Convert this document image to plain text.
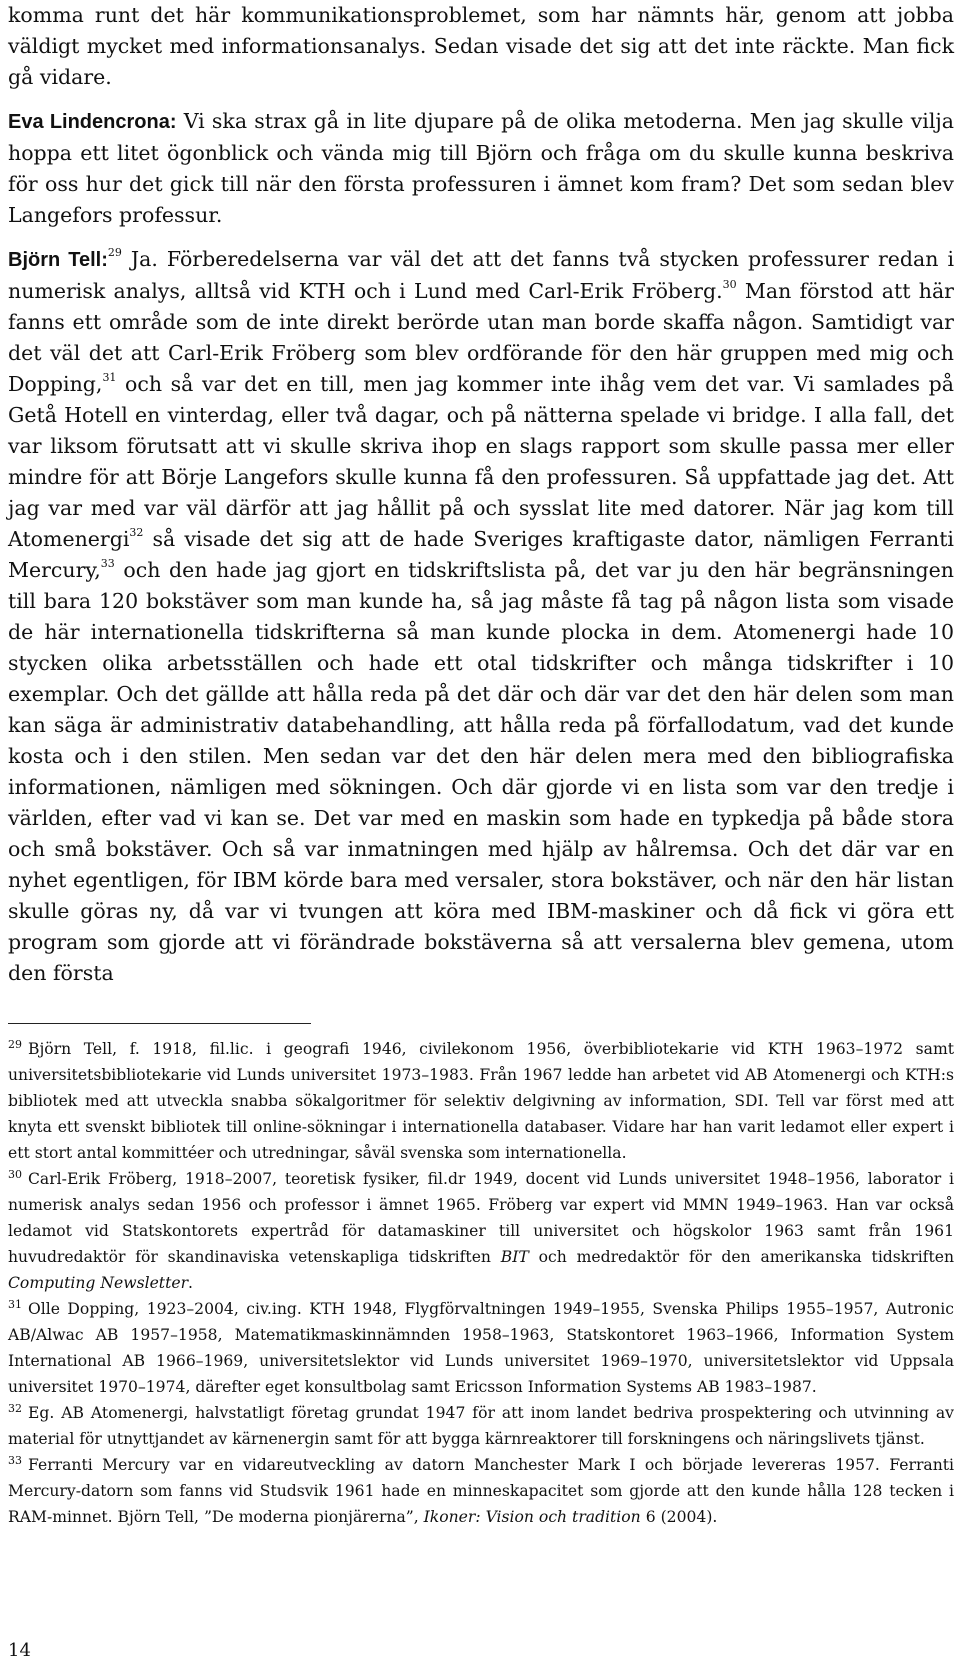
komma runt det här kommunikationsproblemet, som har nämnts här, genom att jobba väldigt mycket med informationsanalys. Sedan visade det sig att det inte räckte. Man fick gå vidare.

Eva Lindencrona: Vi ska strax gå in lite djupare på de olika metoderna. Men jag skulle vilja hoppa ett litet ögonblick och vända mig till Björn och fråga om du skulle kunna beskriva för oss hur det gick till när den första professuren i ämnet kom fram? Det som sedan blev Langefors professur.

Björn Tell:$^{29}$ Ja. Förberedelserna var väl det att det fanns två stycken professurer redan i numerisk analys, alltså vid KTH och i Lund med Carl-Erik Fröberg.$^{30}$ Man förstod att här fanns ett område som de inte direkt berörde utan man borde skaffa någon. Samtidigt var det väl det att Carl-Erik Fröberg som blev ordförande för den här gruppen med mig och Dopping,$^{31}$ och så var det en till, men jag kommer inte ihåg vem det var. Vi samlades på Getå Hotell en vinterdag, eller två dagar, och på nätterna spelade vi bridge. I alla fall, det var liksom förutsatt att vi skulle skriva ihop en slags rapport som skulle passa mer eller mindre för att Börje Langefors skulle kunna få den professuren. Så uppfattade jag det. Att jag var med var väl därför att jag hållit på och sysslat lite med datorer. När jag kom till Atomenergi$^{32}$ så visade det sig att de hade Sveriges kraftigaste dator, nämligen Ferranti Mercury,$^{33}$ och den hade jag gjort en tidskriftslista på, det var ju den här begränsningen till bara 120 bokstäver som man kunde ha, så jag måste få tag på någon lista som visade de här internationella tidskrifterna så man kunde plocka in dem. Atomenergi hade 10 stycken olika arbetsställen och hade ett otal tidskrifter och många tidskrifter i 10 exemplar. Och det gällde att hålla reda på det där och där var det den här delen som man kan säga är administrativ databehandling, att hålla reda på förfallodatum, vad det kunde kosta och i den stilen. Men sedan var det den här delen mera med den bibliografiska informationen, nämligen med sökningen. Och där gjorde vi en lista som var den tredje i världen, efter vad vi kan se. Det var med en maskin som hade en typkedja på både stora och små bokstäver. Och så var inmatningen med hjälp av hålremsa. Och det där var en nyhet egentligen, för IBM körde bara med versaler, stora bokstäver, och när den här listan skulle göras ny, då var vi tvungen att köra med IBM-maskiner och då fick vi göra ett program som gjorde att vi förändrade bokstäverna så att versalerna blev gemena, utom den första

$^{29}$ Björn Tell, f. 1918, fil.lic. i geografi 1946, civilekonom 1956, överbibliotekarie vid KTH 1963–1972 samt universitetsbibliotekarie vid Lunds universitet 1973–1983. Från 1967 ledde han arbetet vid AB Atomenergi och KTH:s bibliotek med att utveckla snabba sökalgoritmer för selektiv delgivning av information, SDI. Tell var först med att knyta ett svenskt bibliotek till online-sökningar i internationella databaser. Vidare har han varit ledamot eller expert i ett stort antal kommittéer och utredningar, såväl svenska som internationella.

$^{30}$ Carl-Erik Fröberg, 1918–2007, teoretisk fysiker, fil.dr 1949, docent vid Lunds universitet 1948–1956, laborator i numerisk analys sedan 1956 och professor i ämnet 1965. Fröberg var expert vid MMN 1949–1963. Han var också ledamot vid Statskontorets expertråd för datamaskiner till universitet och högskolor 1963 samt från 1961 huvudredaktör för skandinaviska vetenskapliga tidskriften BIT och medredaktör för den amerikanska tidskriften Computing Newsletter.

$^{31}$ Olle Dopping, 1923–2004, civ.ing. KTH 1948, Flygförvaltningen 1949–1955, Svenska Philips 1955–1957, Autronic AB/Alwac AB 1957–1958, Matematikmaskinnämnden 1958–1963, Statskontoret 1963–1966, Information System International AB 1966–1969, universitetslektor vid Lunds universitet 1969–1970, universitetslektor vid Uppsala universitet 1970–1974, därefter eget konsultbolag samt Ericsson Information Systems AB 1983–1987.

$^{32}$ Eg. AB Atomenergi, halvstatligt företag grundat 1947 för att inom landet bedriva prospektering och utvinning av material för utnyttjandet av kärnenergin samt för att bygga kärnreaktorer till forskningens och näringslivets tjänst.

$^{33}$ Ferranti Mercury var en vidareutveckling av datorn Manchester Mark I och började levereras 1957. Ferranti Mercury-datorn som fanns vid Studsvik 1961 hade en minneskapacitet som gjorde att den kunde hålla 128 tecken i RAM-minnet. Björn Tell, ”De moderna pionjärerna”, Ikoner: Vision och tradition 6 (2004).

14
